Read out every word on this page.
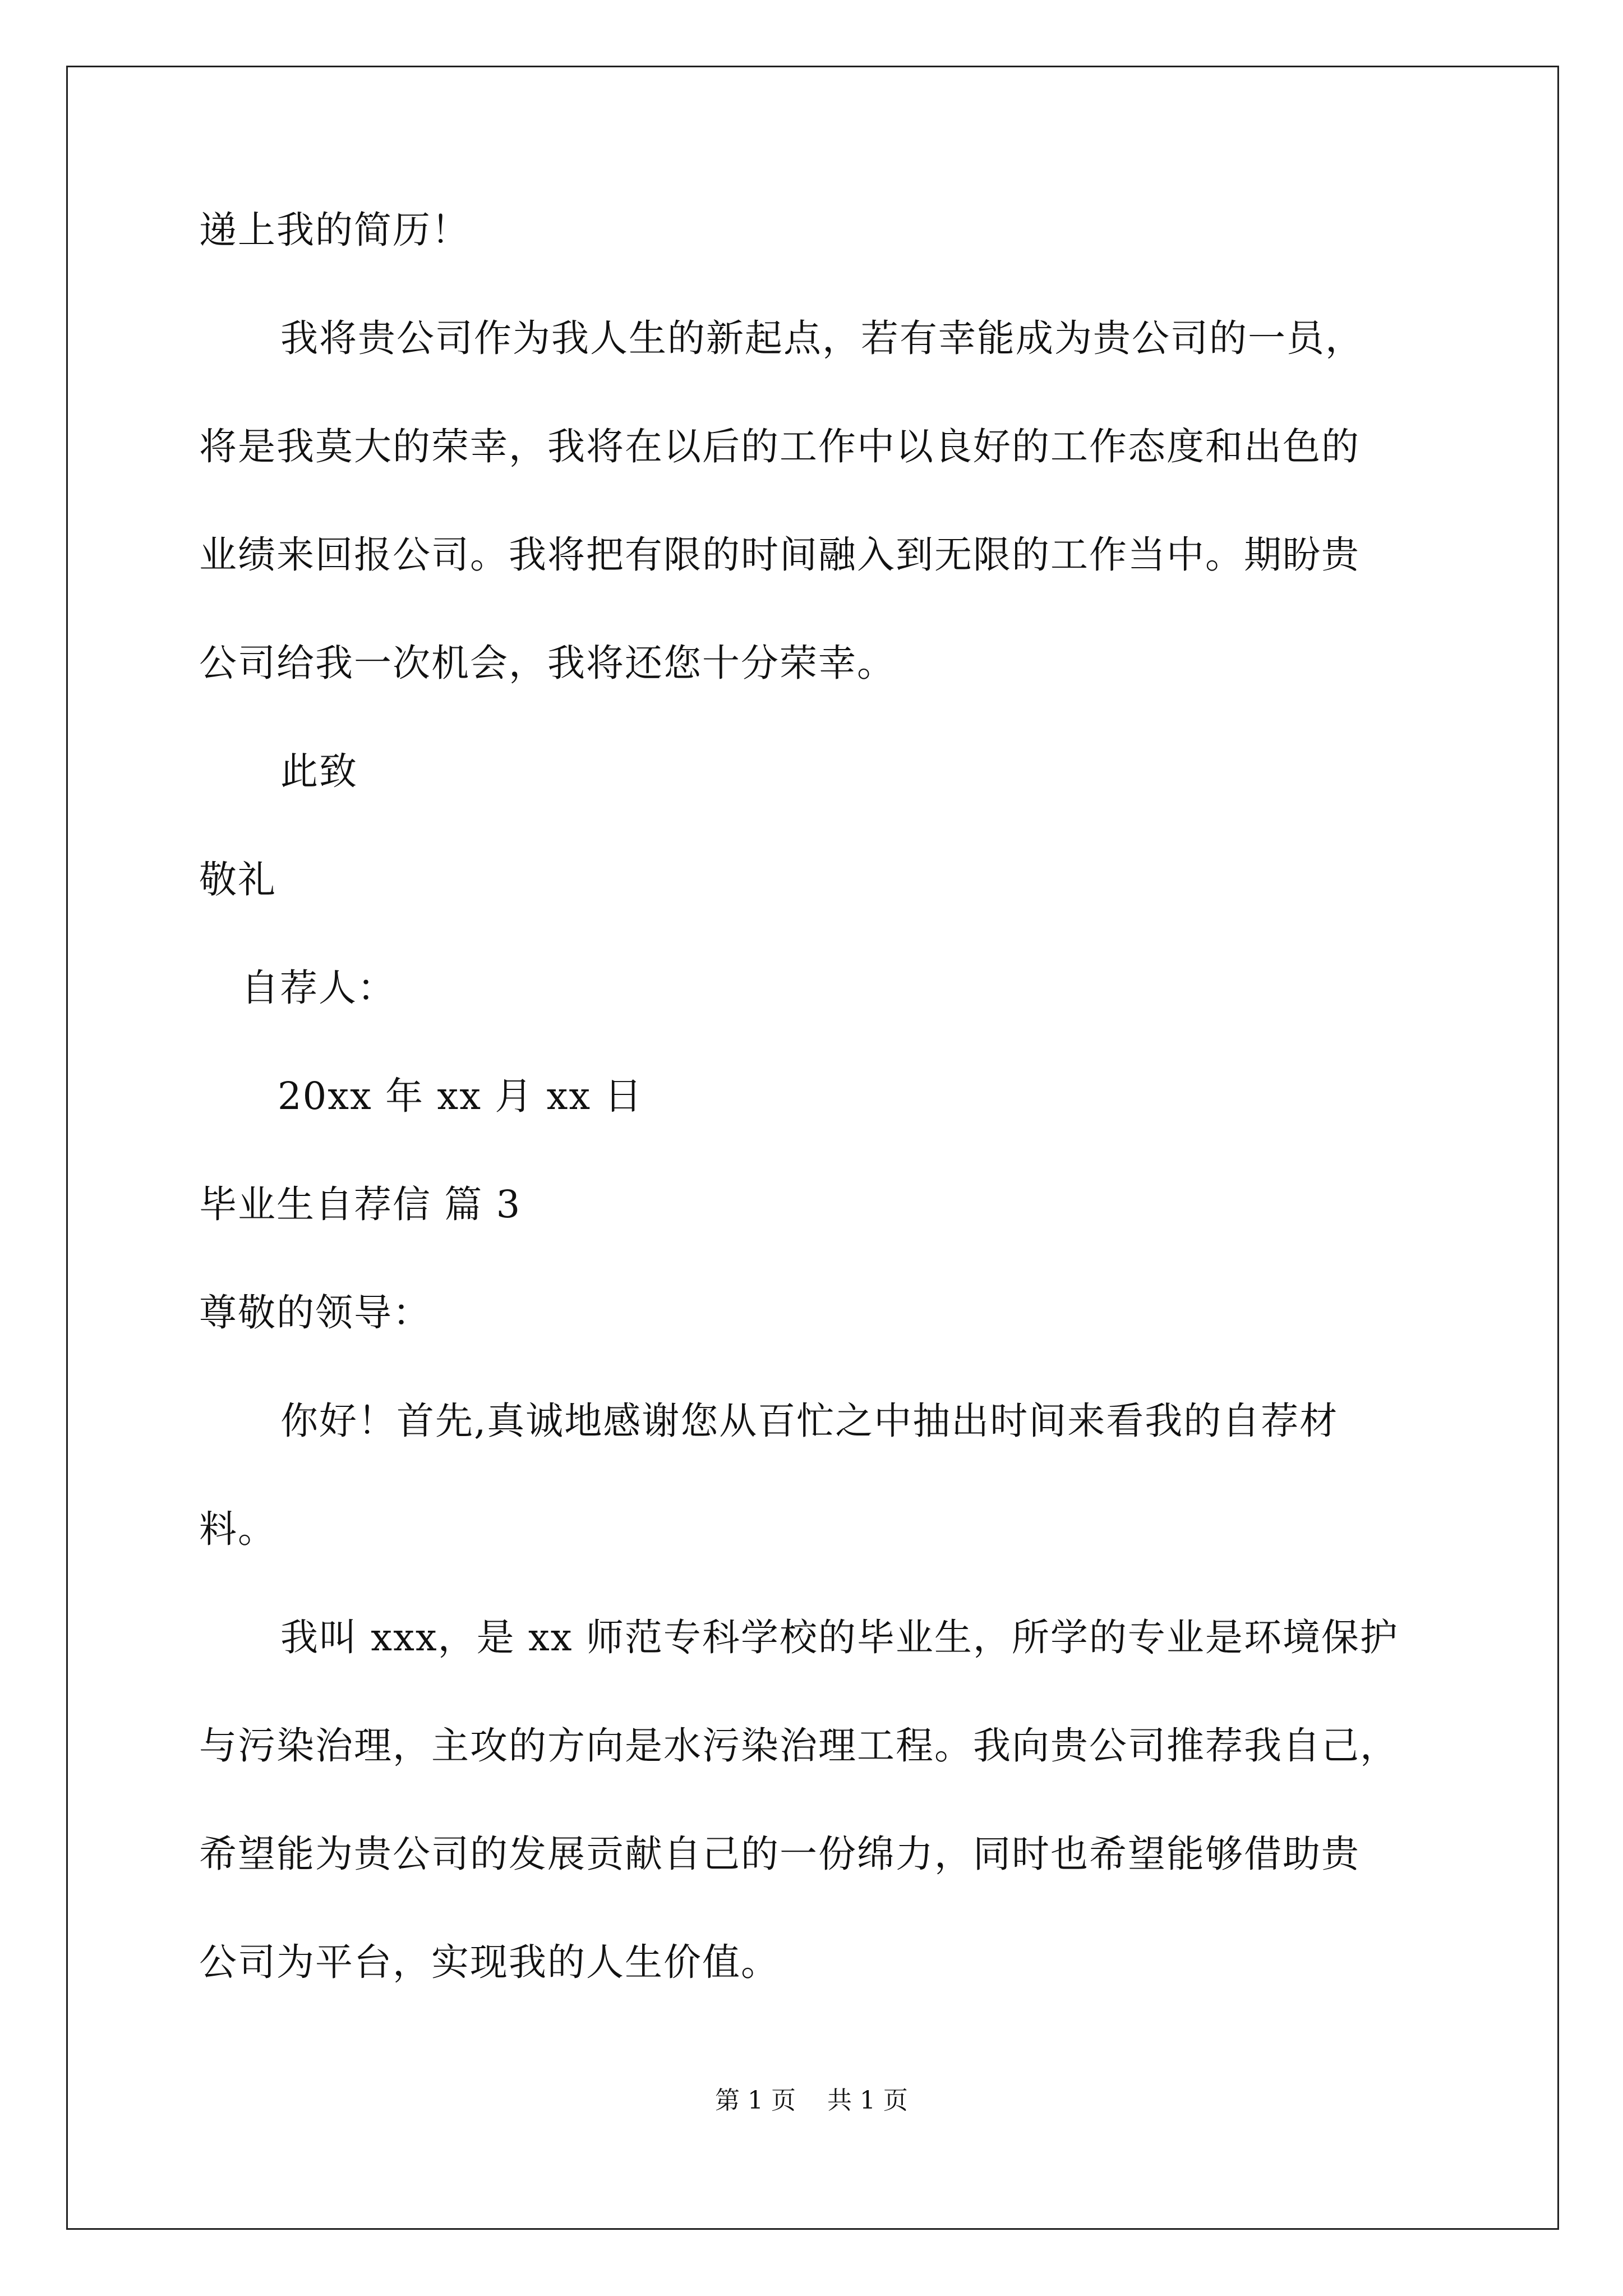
递上我的简历！

我将贵公司作为我人生的新起点，若有幸能成为贵公司的一员，

将是我莫大的荣幸，我将在以后的工作中以良好的工作态度和出色的

业绩来回报公司。我将把有限的时间融入到无限的工作当中。期盼贵

公司给我一次机会，我将还您十分荣幸。

此致

敬礼

自荐人：

20xx 年 xx 月 xx 日

毕业生自荐信 篇 3

尊敬的领导：

你好！首先,真诚地感谢您从百忙之中抽出时间来看我的自荐材

料。

我叫 xxx，是 xx 师范专科学校的毕业生，所学的专业是环境保护

与污染治理，主攻的方向是水污染治理工程。我向贵公司推荐我自己，

希望能为贵公司的发展贡献自己的一份绵力，同时也希望能够借助贵

公司为平台，实现我的人生价值。

第 1 页    共 1 页
